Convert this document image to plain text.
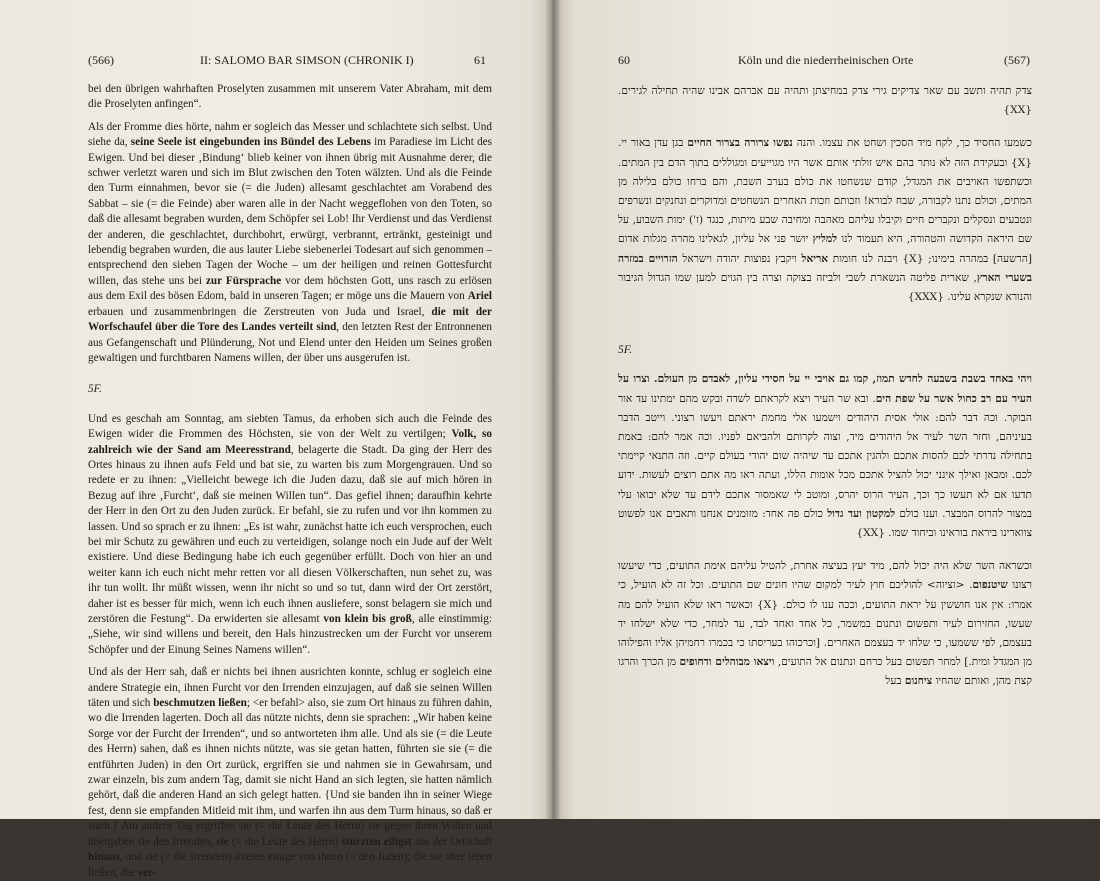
(566)	II: SALOMO BAR SIMSON (CHRONIK I)	61

bei den übrigen wahrhaften Proselyten zusammen mit unserem Vater Abraham, mit dem die Proselyten anfingen“.

Als der Fromme dies hörte, nahm er sogleich das Messer und schlachtete sich selbst. Und siehe da, seine Seele ist eingebunden ins Bündel des Lebens im Paradiese im Licht des Ewigen. Und bei dieser ‚Bindung‘ blieb keiner von ihnen übrig mit Ausnahme derer, die schwer verletzt waren und sich im Blut zwischen den Toten wälzten. Und als die Feinde den Turm einnahmen, bevor sie (= die Juden) allesamt geschlachtet am Vorabend des Sabbat – sie (= die Feinde) aber waren alle in der Nacht weggeflohen von den Toten, so daß die allesamt begraben wurden, dem Schöpfer sei Lob! Ihr Verdienst und das Verdienst der anderen, die geschlachtet, durchbohrt, erwürgt, verbrannt, ertränkt, gesteinigt und lebendig begraben wurden, die aus lauter Liebe siebenerlei Todesart auf sich genommen – entsprechend den sieben Tagen der Woche – um der heiligen und reinen Gottesfurcht willen, das stehe uns bei zur Fürsprache vor dem höchsten Gott, uns rasch zu erlösen aus dem Exil des bösen Edom, bald in unseren Tagen; er möge uns die Mauern von Ariel erbauen und zusammenbringen die Zerstreuten von Juda und Israel, die mit der Worfschaufel über die Tore des Landes verteilt sind, den letzten Rest der Entronnenen aus Gefangenschaft und Plünderung, Not und Elend unter den Heiden um Seines großen gewaltigen und furchtbaren Namens willen, der über uns ausgerufen ist.

5F.

Und es geschah am Sonntag, am siebten Tamus, da erhoben sich auch die Feinde des Ewigen wider die Frommen des Höchsten, sie von der Welt zu vertilgen; Volk, so zahlreich wie der Sand am Meeresstrand, belagerte die Stadt. Da ging der Herr des Ortes hinaus zu ihnen aufs Feld und bat sie, zu warten bis zum Morgengrauen. Und so redete er zu ihnen: „Vielleicht bewege ich die Juden dazu, daß sie auf mich hören in Bezug auf ihre ‚Furcht‘, daß sie meinen Willen tun“. Das gefiel ihnen; daraufhin kehrte der Herr in den Ort zu den Juden zurück. Er befahl, sie zu rufen und vor ihn kommen zu lassen. Und so sprach er zu ihnen: „Es ist wahr, zunächst hatte ich euch versprochen, euch bei mir Schutz zu gewähren und euch zu verteidigen, solange noch ein Jude auf der Welt existiere. Und diese Bedingung habe ich euch gegenüber erfüllt. Doch von hier an und weiter kann ich euch nicht mehr retten vor all diesen Völkerschaften, nun sehet zu, was ihr tun wollt. Ihr müßt wissen, wenn ihr nicht so und so tut, dann wird der Ort zerstört, daher ist es besser für mich, wenn ich euch ihnen ausliefere, sonst belagern sie mich und zerstören die Festung“. Da erwiderten sie allesamt von klein bis groß, alle einstimmig: „Siehe, wir sind willens und bereit, den Hals hinzustrecken um der Furcht vor unserem Schöpfer und der Einung Seines Namens willen“.

Und als der Herr sah, daß er nichts bei ihnen ausrichten konnte, schlug er sogleich eine andere Strategie ein, ihnen Furcht vor den Irrenden einzujagen, auf daß sie seinen Willen täten und sich beschmutzen ließen; <er befahl> also, sie zum Ort hinaus zu führen dahin, wo die Irrenden lagerten. Doch all das nützte nichts, denn sie sprachen: „Wir haben keine Sorge vor der Furcht der Irrenden“, und so antworteten ihm alle. Und als sie (= die Leute des Herrn) sahen, daß es ihnen nichts nützte, was sie getan hatten, führten sie sie (= die entführten Juden) in den Ort zurück, ergriffen sie und nahmen sie in Gewahrsam, und zwar einzeln, bis zum andern Tag, damit sie nicht Hand an sich legten, sie hatten nämlich gehört, daß die anderen Hand an sich gelegt hatten. {Und sie banden ihn in seiner Wiege fest, denn sie empfanden Mitleid mit ihm, und warfen ihn aus dem Turm hinaus, so daß er starb.} Am andern Tag ergriffen sie (= die Leute des Herrn) sie gegen ihren Willen und übergaben sie den Irrenden, sie (= die Leute des Herrn) stürzten eiligst aus der Ortschaft hinaus, und sie (= die Irrenden) töteten einige von ihnen (= den Juden); die sie aber leben ließen, die ver-

60	Köln und die niederrheinischen Orte	(567)

צדק תהיה ותשב עם שאר צדיקים גירי צדק במחיצתן ותהיה עם אברהם אבינו שהיה תחילה לגירים. {XX}

כשמעו החסיד כך, לקח מיד הסכין ושחט את עצמו. והנה נפשו צרורה בצרור החיים בגן עדן באור יי. {X} ובעקידת הזה לא נותר בהם איש זולתי אותם אשר היו מגוייעים ומגוללים בתוך הדם בין המתים. וכשתפשו האויבים את המגדל, קודם שנשחטו את כולם בערב השבת, והם ברחו כולם בלילה מן המתים, וכולם נתנו לקבורה, שבח לבורא! וזכותם וזכות האחרים הנשחטים ומדוקרים ונחנקים ונשרפים ונטבעים ונסקלים ונקברים חיים וקיבלו עליהם מאהבה ומחיבה שבע מיתות, כנגד (ז') ימות השבוע, על שם היראה הקדושה והטהורה, היא תעמוד לנו למליץ יושר פני אל עליון, לגאלינו מהרה מגלות אדום [הרשעה] במהרה בימינו; {X} ויבנה לנו חומות אריאל ויקבץ נפוצות יהודה וישראל הזרויים במזרה בשערי הארץ, שארית פליטה הנשארת לשבי ולביזה בצוקה וצרה בין הגוים למען שמו הגדול הגיבור והנורא שנקרא עלינו. {XXX}

5F.

ויהי באחד בשבת בשבעה לחדש תמוז, קמו גם אויבי יי על חסידי עליון, לאבדם מן העולם. וצרו על העיר עם רב כחול אשר על שפת הים. ובא שר העיר ויצא לקראתם לשדה ובקש מהם ימתינו עד אור הבוקר. וכה דבר להם: אולי אסית היהודים וישמעו אלי מחמת יראתם ויעשו רצוני. וייטב הדבר בעיניהם, וחזר השר לעיר אל היהודים מיד, וצוה לקרותם ולהביאם לפניו. וכה אמר להם: באמת בתחילה נדרתי לכם להסות אתכם ולהגין אתכם עד שיהיה שום יהודי בעולם קיים. וזה התנאי קיימתי לכם. ומכאן ואילך אינני יכול להציל אתכם מכל אומות הללו, ועתה ראו מה אתם רוצים לעשות. ידוע תדעו אם לא תעשו כך וכך, העיר הרוס יהרס, ומוטב לי שאמסור אתכם לידם עד שלא יבואו עלי במצור להרוס המבצר. וענו כולם למקטון ועד גדול כולם פה אחד: מזומנים אנחנו ותאבים אנו לפשוט צווארינו ביראת בוראינו וביחוד שמו. {XX}

וכשראה השר שלא היה יכול להם, מיד יעץ בעיצה אחרת, להטיל עליהם אימת התועים, כדי שיעשו רצונו שיטנפום. <וציוה> להוליכם חוץ לעיר למקום שהיו חונים שם התועים. וכל זה לא הועיל, כי אמרו: אין אנו חוששין על יראת התועים, וככה ענו לו כולם. {X} וכאשר ראו שלא הועיל להם מה שעשו, החזירום לעיר ותפשום ונתנום במשמר, כל אחד ואחד לבד, עד למחר, כדי שלא ישלחו יד בעצמם, לפי ששמעו, כי שלחו יד בעצמם האחרים. [וכרכוהו בעריסתו כי בכמרו רחמיהן אליו והפילוהו מן המגדל ומית.] למחר תפשום בעל כרחם ונתנום אל התועים, ויצאו מבוהלים ודחופים מן הכרך והרגו קצת מהן, ואותם שהחיו ציחנום בעל
